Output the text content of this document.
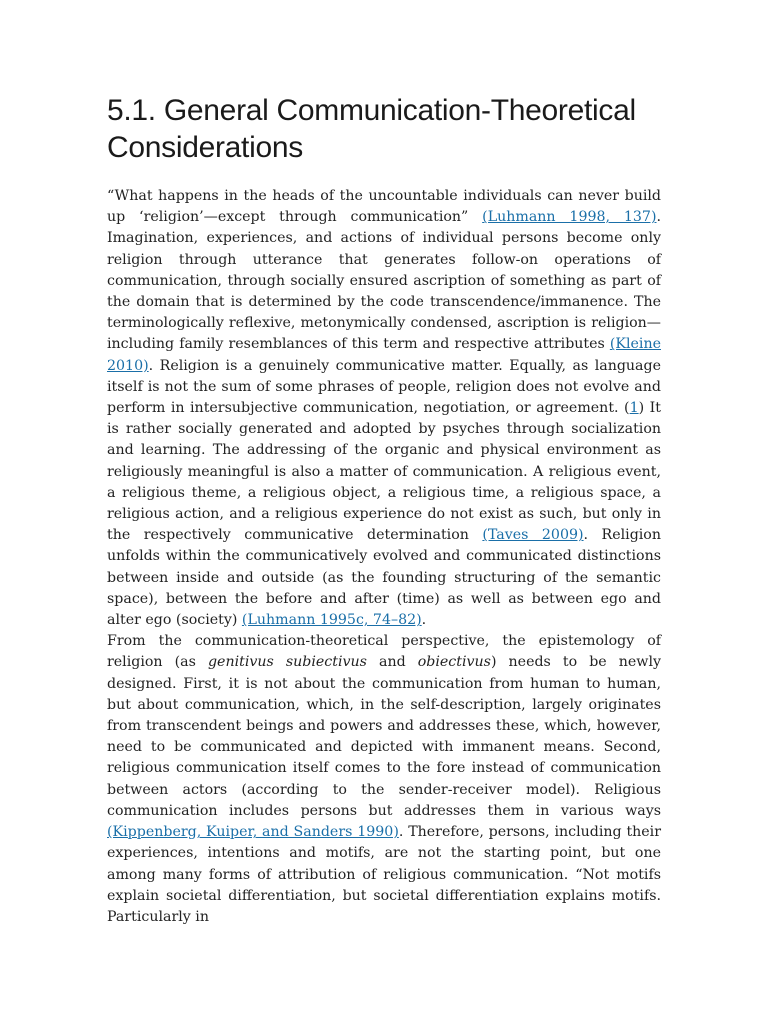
5.1. General Communication-Theoretical Considerations

“What happens in the heads of the uncountable individuals can never build up ‘religion’—except through communication” (Luhmann 1998, 137). Imagination, experiences, and actions of individual persons become only religion through utterance that generates follow-on operations of communication, through socially ensured ascription of something as part of the domain that is determined by the code transcendence/immanence. The terminologically reflexive, metonymically condensed, ascription is religion—including family resemblances of this term and respective attributes (Kleine 2010). Religion is a genuinely communicative matter. Equally, as language itself is not the sum of some phrases of people, religion does not evolve and perform in intersubjective communication, negotiation, or agreement. (1) It is rather socially generated and adopted by psyches through socialization and learning. The addressing of the organic and physical environment as religiously meaningful is also a matter of communication. A religious event, a religious theme, a religious object, a religious time, a religious space, a religious action, and a religious experience do not exist as such, but only in the respectively communicative determination (Taves 2009). Religion unfolds within the communicatively evolved and communicated distinctions between inside and outside (as the founding structuring of the semantic space), between the before and after (time) as well as between ego and alter ego (society) (Luhmann 1995c, 74–82).

From the communication-theoretical perspective, the epistemology of religion (as genitivus subiectivus and obiectivus) needs to be newly designed. First, it is not about the communication from human to human, but about communication, which, in the self-description, largely originates from transcendent beings and powers and addresses these, which, however, need to be communicated and depicted with immanent means. Second, religious communication itself comes to the fore instead of communication between actors (according to the sender-receiver model). Religious communication includes persons but addresses them in various ways (Kippenberg, Kuiper, and Sanders 1990). Therefore, persons, including their experiences, intentions and motifs, are not the starting point, but one among many forms of attribution of religious communication. “Not motifs explain societal differentiation, but societal differentiation explains motifs. Particularly in
